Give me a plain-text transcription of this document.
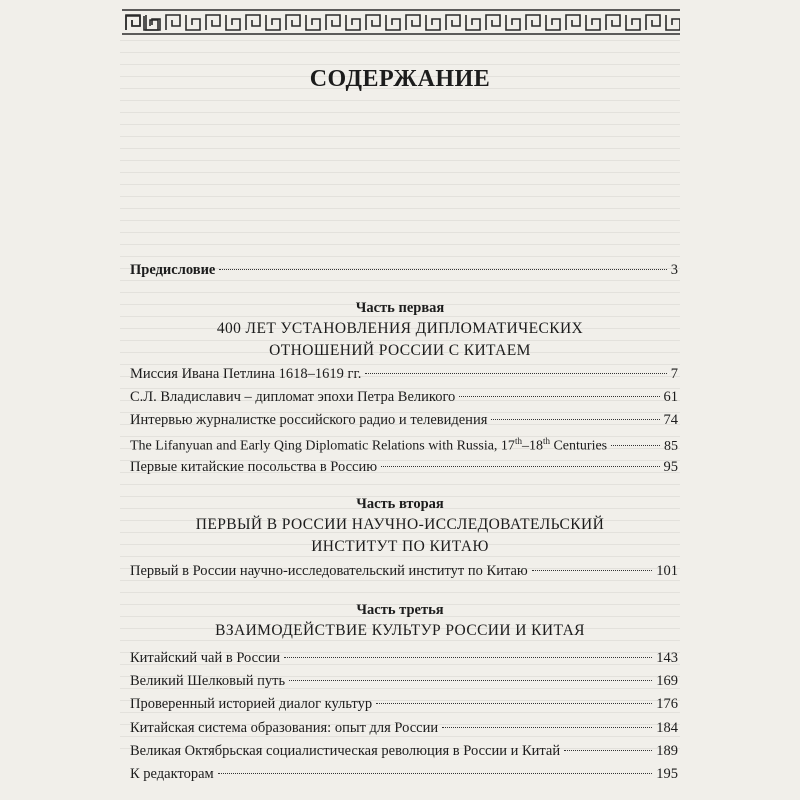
СОДЕРЖАНИЕ
Предисловие	3
Часть первая
400 ЛЕТ УСТАНОВЛЕНИЯ ДИПЛОМАТИЧЕСКИХ
ОТНОШЕНИЙ РОССИИ С КИТАЕМ
Миссия Ивана Петлина 1618–1619 гг.	7
С.Л. Владиславич – дипломат эпохи Петра Великого	61
Интервью журналистке российского радио и телевидения	74
The Lifanyuan and Early Qing Diplomatic Relations with Russia, 17th–18th Centuries	85
Первые китайские посольства в Россию	95
Часть вторая
ПЕРВЫЙ В РОССИИ НАУЧНО-ИССЛЕДОВАТЕЛЬСКИЙ
ИНСТИТУТ ПО КИТАЮ
Первый в России научно-исследовательский институт по Китаю	101
Часть третья
ВЗАИМОДЕЙСТВИЕ КУЛЬТУР РОССИИ И КИТАЯ
Китайский чай в России	143
Великий Шелковый путь	169
Проверенный историей диалог культур	176
Китайская система образования: опыт для России	184
Великая Октябрьская социалистическая революция в России и Китай	189
К редакторам	195
